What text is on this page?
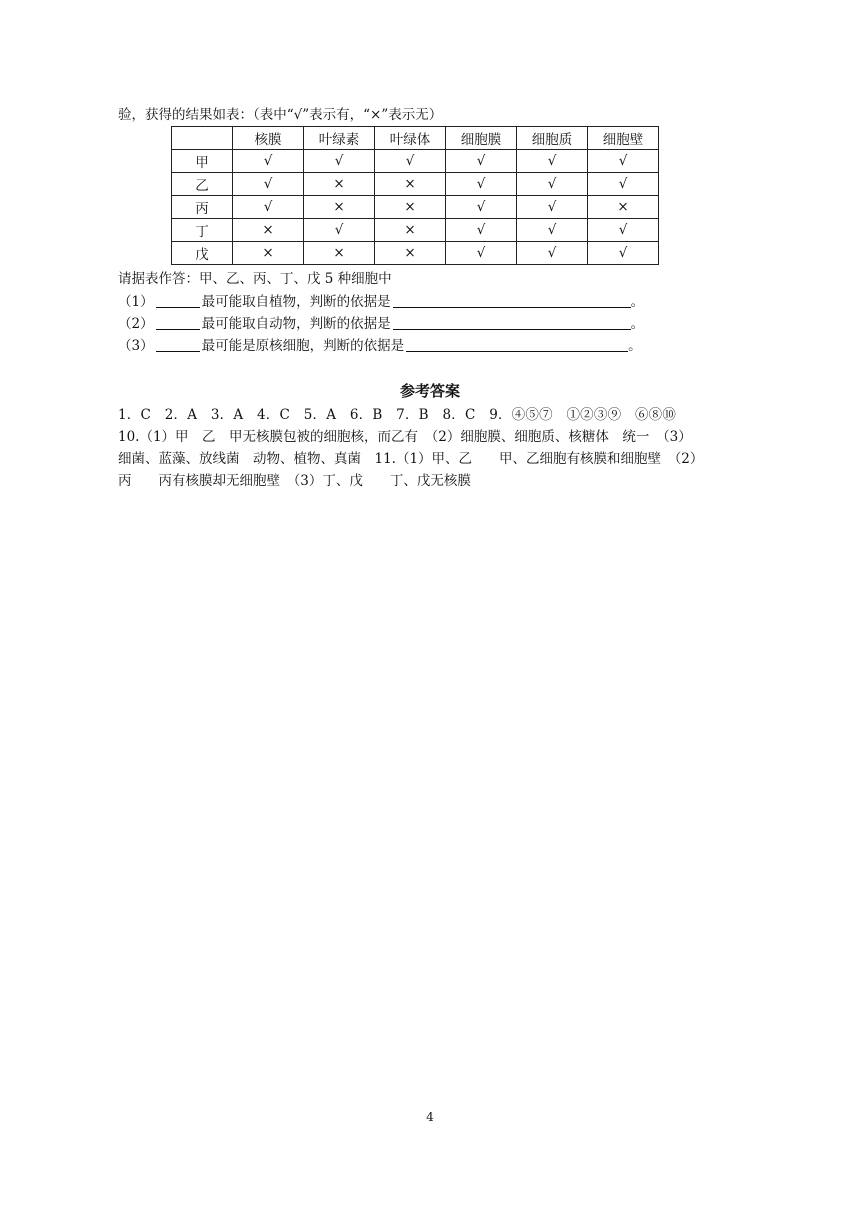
验，获得的结果如表：（表中“√”表示有，“×”表示无）
	核膜	叶绿素	叶绿体	细胞膜	细胞质	细胞壁
甲	√	√	√	√	√	√
乙	√	×	×	√	√	√
丙	√	×	×	√	√	×
丁	×	√	×	√	√	√
戊	×	×	×	√	√	√
请据表作答：甲、乙、丙、丁、戊 5 种细胞中
（1）	最可能取自植物，判断的依据是	。
（2）	最可能取自动物，判断的依据是	。
（3）	最可能是原核细胞，判断的依据是	。
参考答案
1．C　2．A　3．A　4．C　5．A　6．B　7．B　8．C　9．④⑤⑦　①②③⑨　⑥⑧⑩
10.（1）甲　乙　甲无核膜包被的细胞核，而乙有　（2）细胞膜、细胞质、核糖体　统一　（3）
细菌、蓝藻、放线菌　动物、植物、真菌　11.（1）甲、乙　　甲、乙细胞有核膜和细胞壁　（2）
丙　　丙有核膜却无细胞壁　（3）丁、戊　　丁、戊无核膜
4
